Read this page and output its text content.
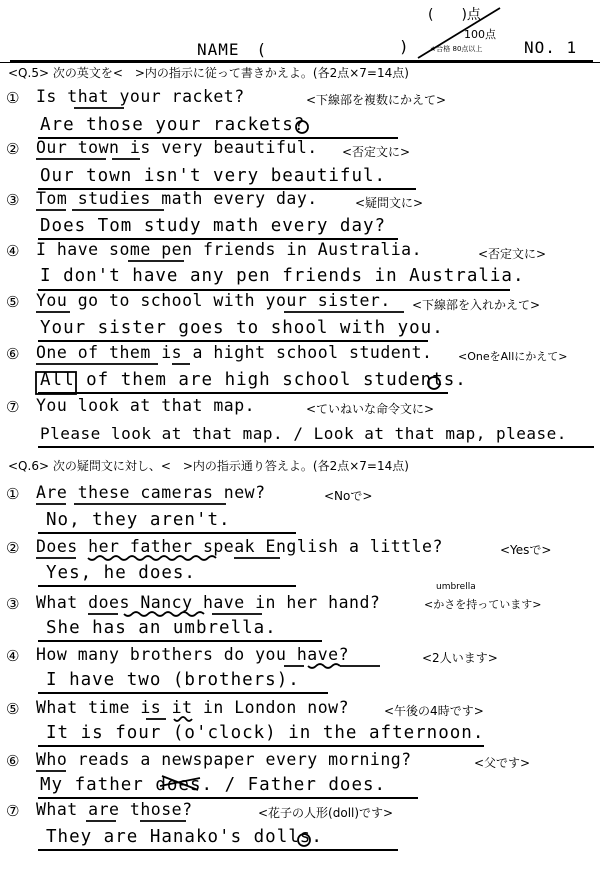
(　　)点
100点
★合格 80点以上
NAME　(	)	NO. 1
<Q.5> 次の英文を<　>内の指示に従って書きかえよ。(各2点×7=14点)
① Is that your racket?	<下線部を複数にかえて>
Are those your rackets?
② Our town is very beautiful. <否定文に>
Our town isn't very beautiful.
③ Tom studies math every day.	<疑問文に>
Does Tom study math every day?
④ I have some pen friends in Australia.	<否定文に>
I don't have any pen friends in Australia.
⑤ You go to school with your sister. <下線部を入れかえて>
Your sister goes to shool with you.
⑥ One of them is a hight school student. <OneをAllにかえて>
All of them are high school students.
⑦ You look at that map.	<ていねいな命令文に>
Please look at that map. / Look at that map, please.
<Q.6> 次の疑問文に対し、<　>内の指示通り答えよ。(各2点×7=14点)
① Are these cameras new?	<Noで>
No, they aren't.
② Does her father speak English a little?	<Yesで>
Yes, he does.
umbrella
③ What does Nancy have in her hand?	<かさを持っています>
She has an umbrella.
④ How many brothers do you have?	<2人います>
I have two (brothers).
⑤ What time is it in London now?	<午後の4時です>
It is four (o'clock) in the afternoon.
⑥ Who reads a newspaper every morning?	<父です>
My father does. / Father does.
⑦ What are those?	<花子の人形(doll)です>
They are Hanako's dolls.
